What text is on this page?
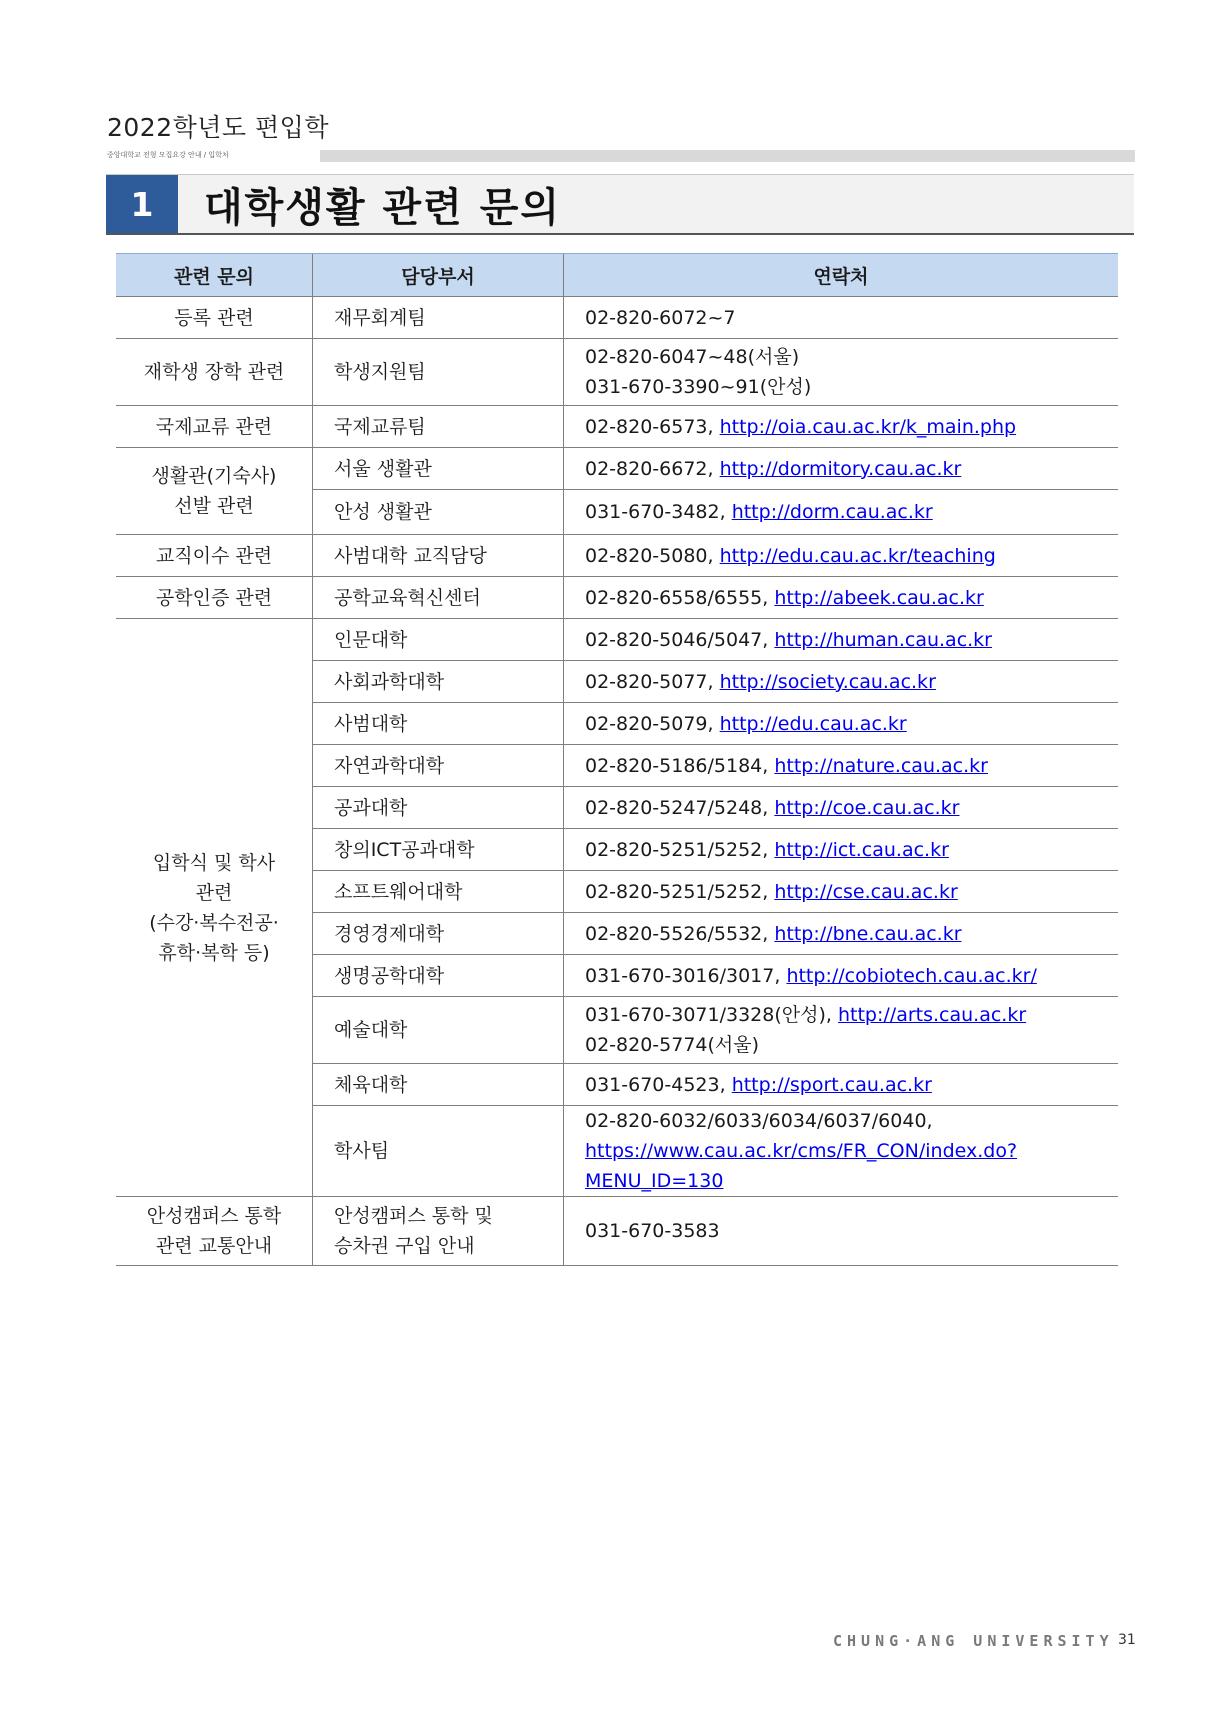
2022학년도 편입학
중앙대학교 전형 모집요강 안내 / 입학처
1	대학생활 관련 문의
관련 문의	담당부서	연락처

등록 관련	재무회계팀	02-820-6072~7

재학생 장학 관련	학생지원팀	02-820-6047~48(서울)
031-670-3390~91(안성)

국제교류 관련	국제교류팀	02-820-6573, http://oia.cau.ac.kr/k_main.php

생활관(기숙사)
선발 관련	서울 생활관	02-820-6672, http://dormitory.cau.ac.kr

	안성 생활관	031-670-3482, http://dorm.cau.ac.kr

교직이수 관련	사범대학 교직담당	02-820-5080, http://edu.cau.ac.kr/teaching

공학인증 관련	공학교육혁신센터	02-820-6558/6555, http://abeek.cau.ac.kr

입학식 및 학사
관련
(수강·복수전공·
휴학·복학 등)	인문대학	02-820-5046/5047, http://human.cau.ac.kr

	사회과학대학	02-820-5077, http://society.cau.ac.kr

	사범대학	02-820-5079, http://edu.cau.ac.kr

	자연과학대학	02-820-5186/5184, http://nature.cau.ac.kr

	공과대학	02-820-5247/5248, http://coe.cau.ac.kr

	창의ICT공과대학	02-820-5251/5252, http://ict.cau.ac.kr

	소프트웨어대학	02-820-5251/5252, http://cse.cau.ac.kr

	경영경제대학	02-820-5526/5532, http://bne.cau.ac.kr

	생명공학대학	031-670-3016/3017, http://cobiotech.cau.ac.kr/

	예술대학	031-670-3071/3328(안성), http://arts.cau.ac.kr
02-820-5774(서울)

	체육대학	031-670-4523, http://sport.cau.ac.kr

	학사팀	02-820-6032/6033/6034/6037/6040,
https://www.cau.ac.kr/cms/FR_CON/index.do?MENU_ID=130

안성캠퍼스 통학
관련 교통안내	안성캠퍼스 통학 및
승차권 구입 안내	031-670-3583
CHUNG·ANG UNIVERSITY 31
